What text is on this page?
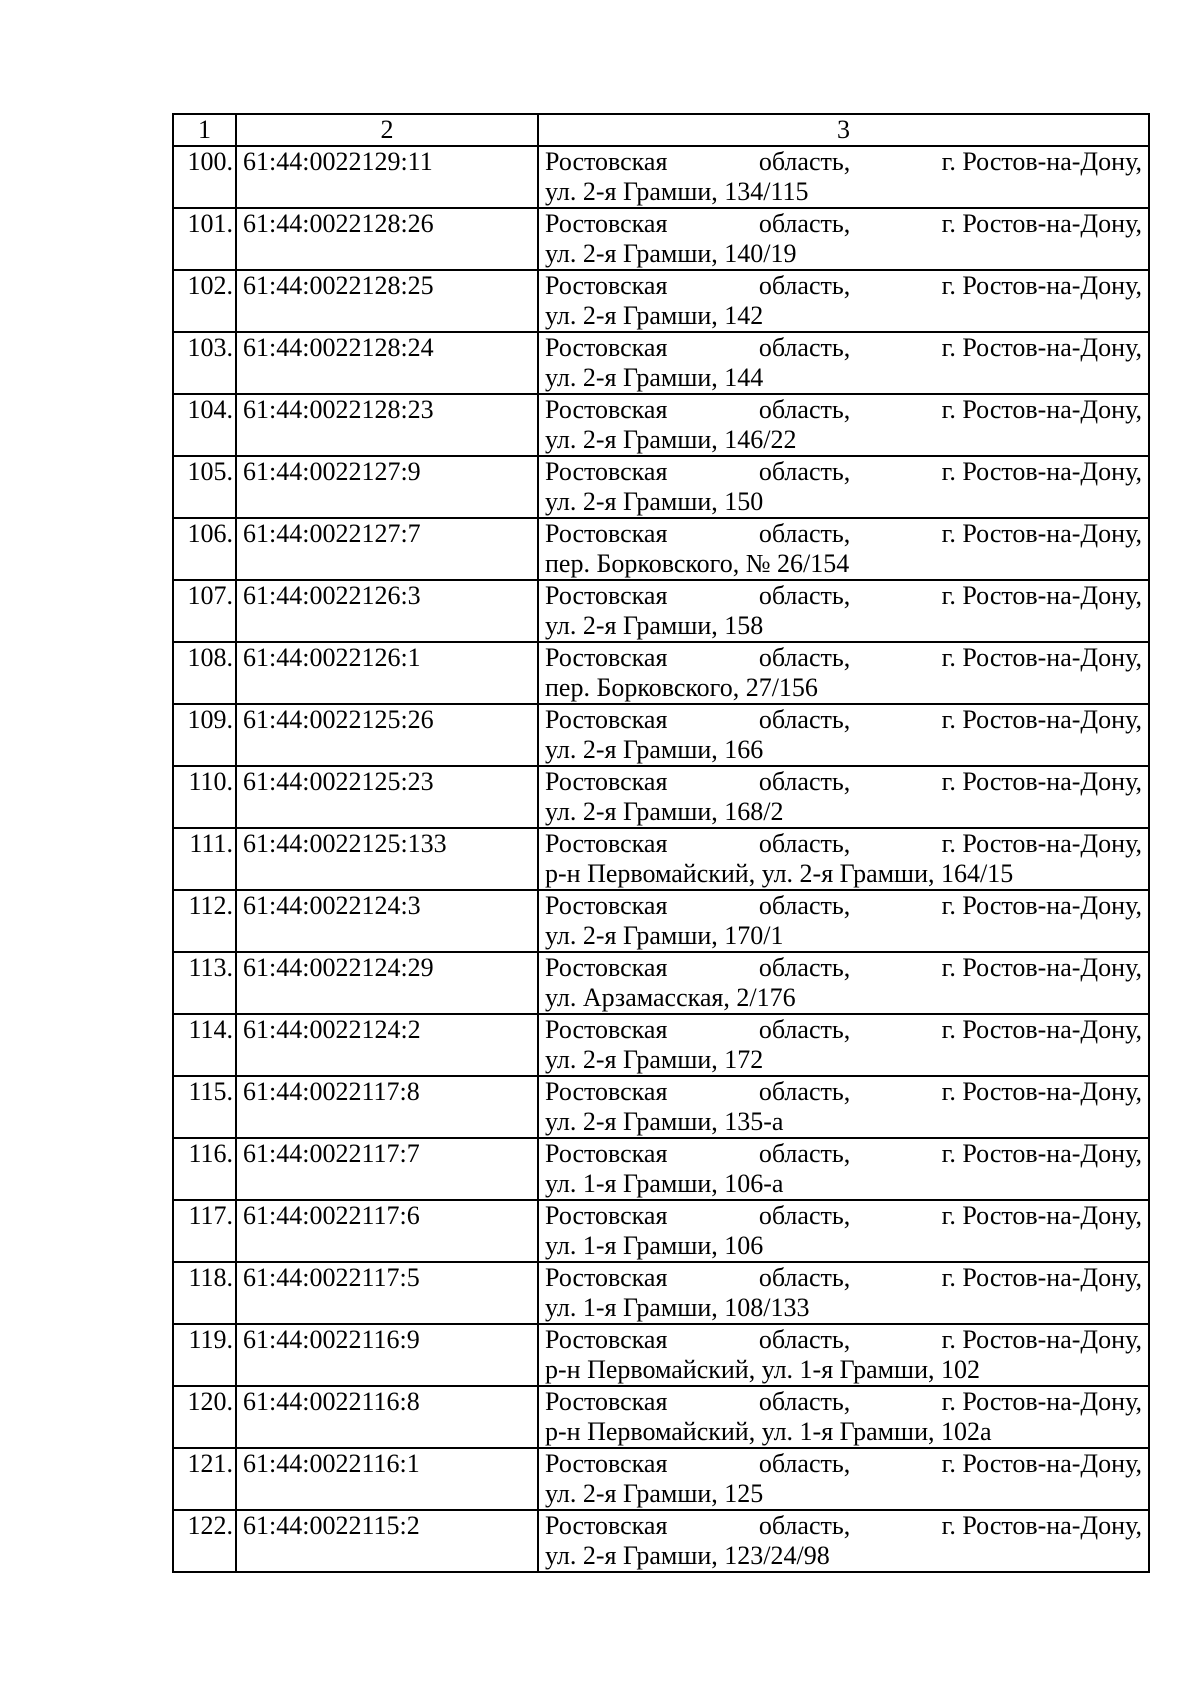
1	2	3
100.	61:44:0022129:11	Ростовская область, г. Ростов-на-Дону,
ул. 2-я Грамши, 134/115

101.	61:44:0022128:26	Ростовская область, г. Ростов-на-Дону,
ул. 2-я Грамши, 140/19

102.	61:44:0022128:25	Ростовская область, г. Ростов-на-Дону,
ул. 2-я Грамши, 142

103.	61:44:0022128:24	Ростовская область, г. Ростов-на-Дону,
ул. 2-я Грамши, 144

104.	61:44:0022128:23	Ростовская область, г. Ростов-на-Дону,
ул. 2-я Грамши, 146/22

105.	61:44:0022127:9	Ростовская область, г. Ростов-на-Дону,
ул. 2-я Грамши, 150

106.	61:44:0022127:7	Ростовская область, г. Ростов-на-Дону,
пер. Борковского, № 26/154

107.	61:44:0022126:3	Ростовская область, г. Ростов-на-Дону,
ул. 2-я Грамши, 158

108.	61:44:0022126:1	Ростовская область, г. Ростов-на-Дону,
пер. Борковского, 27/156

109.	61:44:0022125:26	Ростовская область, г. Ростов-на-Дону,
ул. 2-я Грамши, 166

110.	61:44:0022125:23	Ростовская область, г. Ростов-на-Дону,
ул. 2-я Грамши, 168/2

111.	61:44:0022125:133	Ростовская область, г. Ростов-на-Дону,
р-н Первомайский, ул. 2-я Грамши, 164/15

112.	61:44:0022124:3	Ростовская область, г. Ростов-на-Дону,
ул. 2-я Грамши, 170/1

113.	61:44:0022124:29	Ростовская область, г. Ростов-на-Дону,
ул. Арзамасская, 2/176

114.	61:44:0022124:2	Ростовская область, г. Ростов-на-Дону,
ул. 2-я Грамши, 172

115.	61:44:0022117:8	Ростовская область, г. Ростов-на-Дону,
ул. 2-я Грамши, 135-а

116.	61:44:0022117:7	Ростовская область, г. Ростов-на-Дону,
ул. 1-я Грамши, 106-а

117.	61:44:0022117:6	Ростовская область, г. Ростов-на-Дону,
ул. 1-я Грамши, 106

118.	61:44:0022117:5	Ростовская область, г. Ростов-на-Дону,
ул. 1-я Грамши, 108/133

119.	61:44:0022116:9	Ростовская область, г. Ростов-на-Дону,
р-н Первомайский, ул. 1-я Грамши, 102

120.	61:44:0022116:8	Ростовская область, г. Ростов-на-Дону,
р-н Первомайский, ул. 1-я Грамши, 102а

121.	61:44:0022116:1	Ростовская область, г. Ростов-на-Дону,
ул. 2-я Грамши, 125

122.	61:44:0022115:2	Ростовская область, г. Ростов-на-Дону,
ул. 2-я Грамши, 123/24/98
